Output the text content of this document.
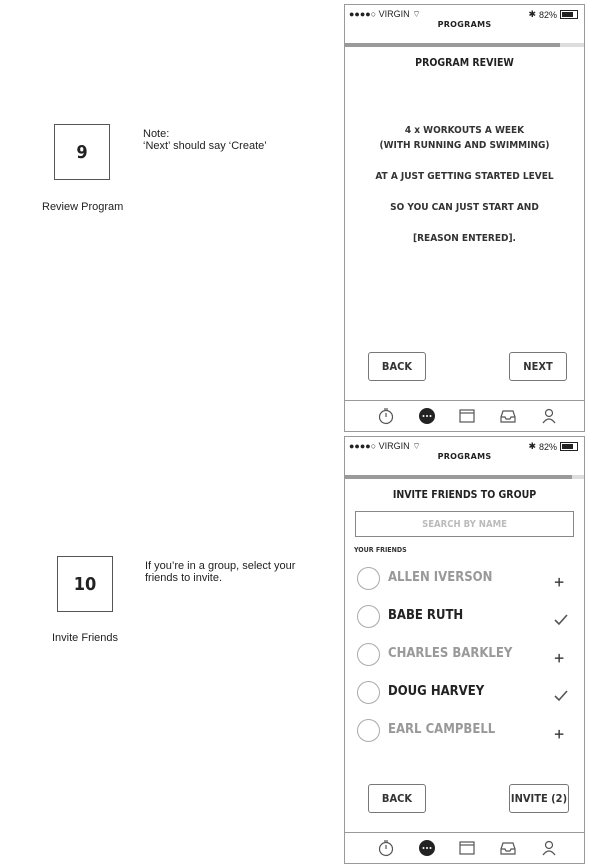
9
Note:
‘Next’ should say ‘Create’
Review Program
10
If you’re in a group, select your
friends to invite.
Invite Friends
●●●●○ VIRGIN ⌔	✱ 82%
PROGRAMS
PROGRAM REVIEW
4 x WORKOUTS A WEEK
(WITH RUNNING AND SWIMMING)
AT A JUST GETTING STARTED LEVEL
SO YOU CAN JUST START AND
[REASON ENTERED].
BACK	NEXT
●●●●○ VIRGIN ⌔	✱ 82%
PROGRAMS
INVITE FRIENDS TO GROUP
SEARCH BY NAME
YOUR FRIENDS
ALLEN IVERSON
BABE RUTH
CHARLES BARKLEY
DOUG HARVEY
EARL CAMPBELL
BACK	INVITE (2)
